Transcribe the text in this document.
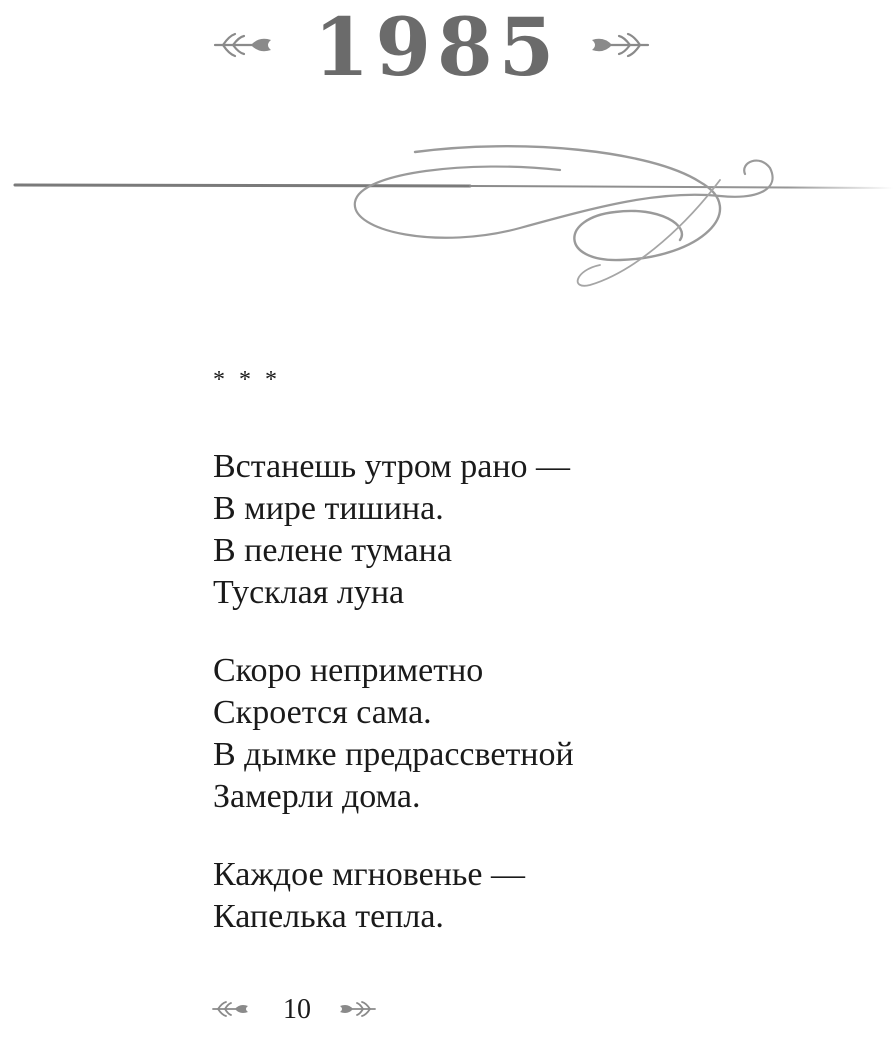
1985
* * *
Встанешь утром рано —
В мире тишина.
В пелене тумана
Тусклая луна
Скоро неприметно
Скроется сама.
В дымке предрассветной
Замерли дома.
Каждое мгновенье —
Капелька тепла.
10
